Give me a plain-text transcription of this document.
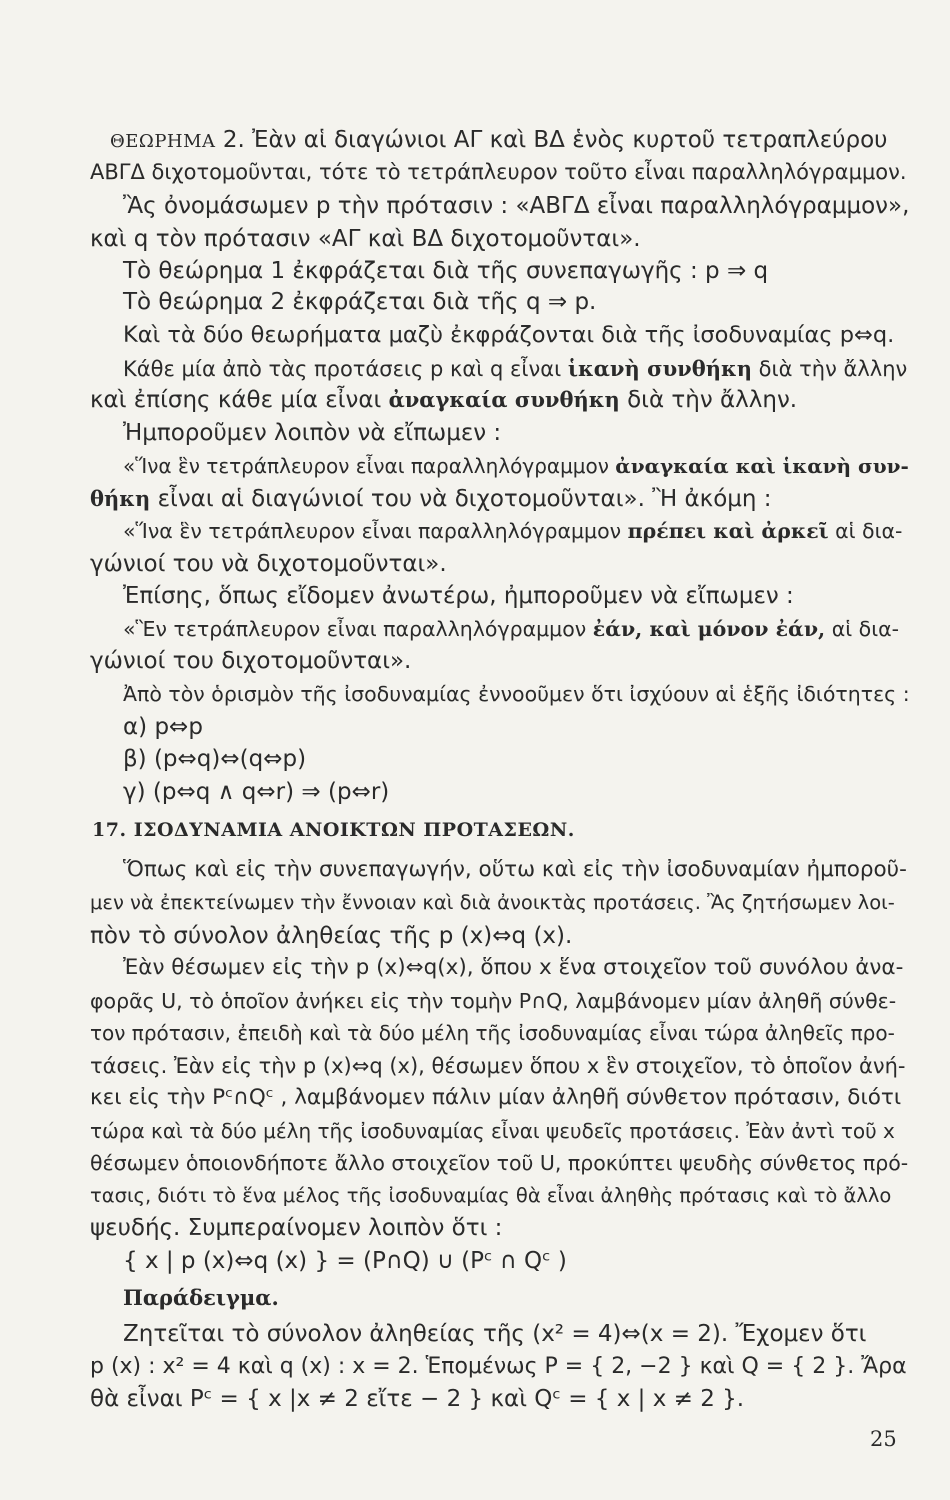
ΘΕΩΡΗΜΑ 2. Ἐὰν αἱ διαγώνιοι ΑΓ καὶ ΒΔ ἑνὸς κυρτοῦ τετραπλεύρου

ΑΒΓΔ διχοτομοῦνται, τότε τὸ τετράπλευρον τοῦτο εἶναι παραλληλόγραμμον.

Ἂς ὀνομάσωμεν p τὴν πρότασιν : «ΑΒΓΔ εἶναι παραλληλόγραμμον»,

καὶ q τὸν πρότασιν «ΑΓ καὶ ΒΔ διχοτομοῦνται».

Τὸ θεώρημα 1 ἐκφράζεται διὰ τῆς συνεπαγωγῆς : p ⇒ q

Τὸ θεώρημα 2 ἐκφράζεται διὰ τῆς q ⇒ p.

Καὶ τὰ δύο θεωρήματα μαζὺ ἐκφράζονται διὰ τῆς ἰσοδυναμίας p⇔q.

Κάθε μία ἀπὸ τὰς προτάσεις p καὶ q εἶναι ἱκανὴ συνθήκη διὰ τὴν ἄλλην

καὶ ἐπίσης κάθε μία εἶναι ἀναγκαία συνθήκη διὰ τὴν ἄλλην.

Ἠμποροῦμεν λοιπὸν νὰ εἴπωμεν :

«Ἵνα ἓν τετράπλευρον εἶναι παραλληλόγραμμον ἀναγκαία καὶ ἱκανὴ συν-

θήκη εἶναι αἱ διαγώνιοί του νὰ διχοτομοῦνται». Ἢ ἀκόμη :

«Ἵνα ἓν τετράπλευρον εἶναι παραλληλόγραμμον πρέπει καὶ ἀρκεῖ αἱ δια-

γώνιοί του νὰ διχοτομοῦνται».

Ἐπίσης, ὅπως εἴδομεν ἀνωτέρω, ἠμποροῦμεν νὰ εἴπωμεν :

«Ἓν τετράπλευρον εἶναι παραλληλόγραμμον ἐάν, καὶ μόνον ἐάν, αἱ δια-

γώνιοί του διχοτομοῦνται».

Ἀπὸ τὸν ὁρισμὸν τῆς ἰσοδυναμίας ἐννοοῦμεν ὅτι ἰσχύουν αἱ ἑξῆς ἰδιότητες :

α) p⇔p

β) (p⇔q)⇔(q⇔p)

γ) (p⇔q ∧ q⇔r) ⇒ (p⇔r)

17. ΙΣΟΔΥΝΑΜΙΑ ΑΝΟΙΚΤΩΝ ΠΡΟΤΑΣΕΩΝ.

Ὅπως καὶ εἰς τὴν συνεπαγωγήν, οὕτω καὶ εἰς τὴν ἰσοδυναμίαν ἠμποροῦ-

μεν νὰ ἐπεκτείνωμεν τὴν ἔννοιαν καὶ διὰ ἀνοικτὰς προτάσεις. Ἂς ζητήσωμεν λοι-

πὸν τὸ σύνολον ἀληθείας τῆς p (x)⇔q (x).

Ἐὰν θέσωμεν εἰς τὴν p (x)⇔q(x), ὅπου x ἕνα στοιχεῖον τοῦ συνόλου ἀνα-

φορᾶς U, τὸ ὁποῖον ἀνήκει εἰς τὴν τομὴν P∩Q, λαμβάνομεν μίαν ἀληθῆ σύνθε-

τον πρότασιν, ἐπειδὴ καὶ τὰ δύο μέλη τῆς ἰσοδυναμίας εἶναι τώρα ἀληθεῖς προ-

τάσεις. Ἐὰν εἰς τὴν p (x)⇔q (x), θέσωμεν ὅπου x ἓν στοιχεῖον, τὸ ὁποῖον ἀνή-

κει εἰς τὴν Pᶜ∩Qᶜ , λαμβάνομεν πάλιν μίαν ἀληθῆ σύνθετον πρότασιν, διότι

τώρα καὶ τὰ δύο μέλη τῆς ἰσοδυναμίας εἶναι ψευδεῖς προτάσεις. Ἐὰν ἀντὶ τοῦ x

θέσωμεν ὁποιονδήποτε ἄλλο στοιχεῖον τοῦ U, προκύπτει ψευδὴς σύνθετος πρό-

τασις, διότι τὸ ἕνα μέλος τῆς ἰσοδυναμίας θὰ εἶναι ἀληθὴς πρότασις καὶ τὸ ἄλλο

ψευδής. Συμπεραίνομεν λοιπὸν ὅτι :

{ x | p (x)⇔q (x) } = (P∩Q) ∪ (Pᶜ ∩ Qᶜ )

Παράδειγμα.

Ζητεῖται τὸ σύνολον ἀληθείας τῆς (x² = 4)⇔(x = 2). Ἔχομεν ὅτι

p (x) : x² = 4 καὶ q (x) : x = 2. Ἑπομένως P = { 2, −2 } καὶ Q = { 2 }. Ἄρα

θὰ εἶναι Pᶜ = { x |x ≠ 2 εἴτε − 2 } καὶ Qᶜ = { x | x ≠ 2 }.

25
